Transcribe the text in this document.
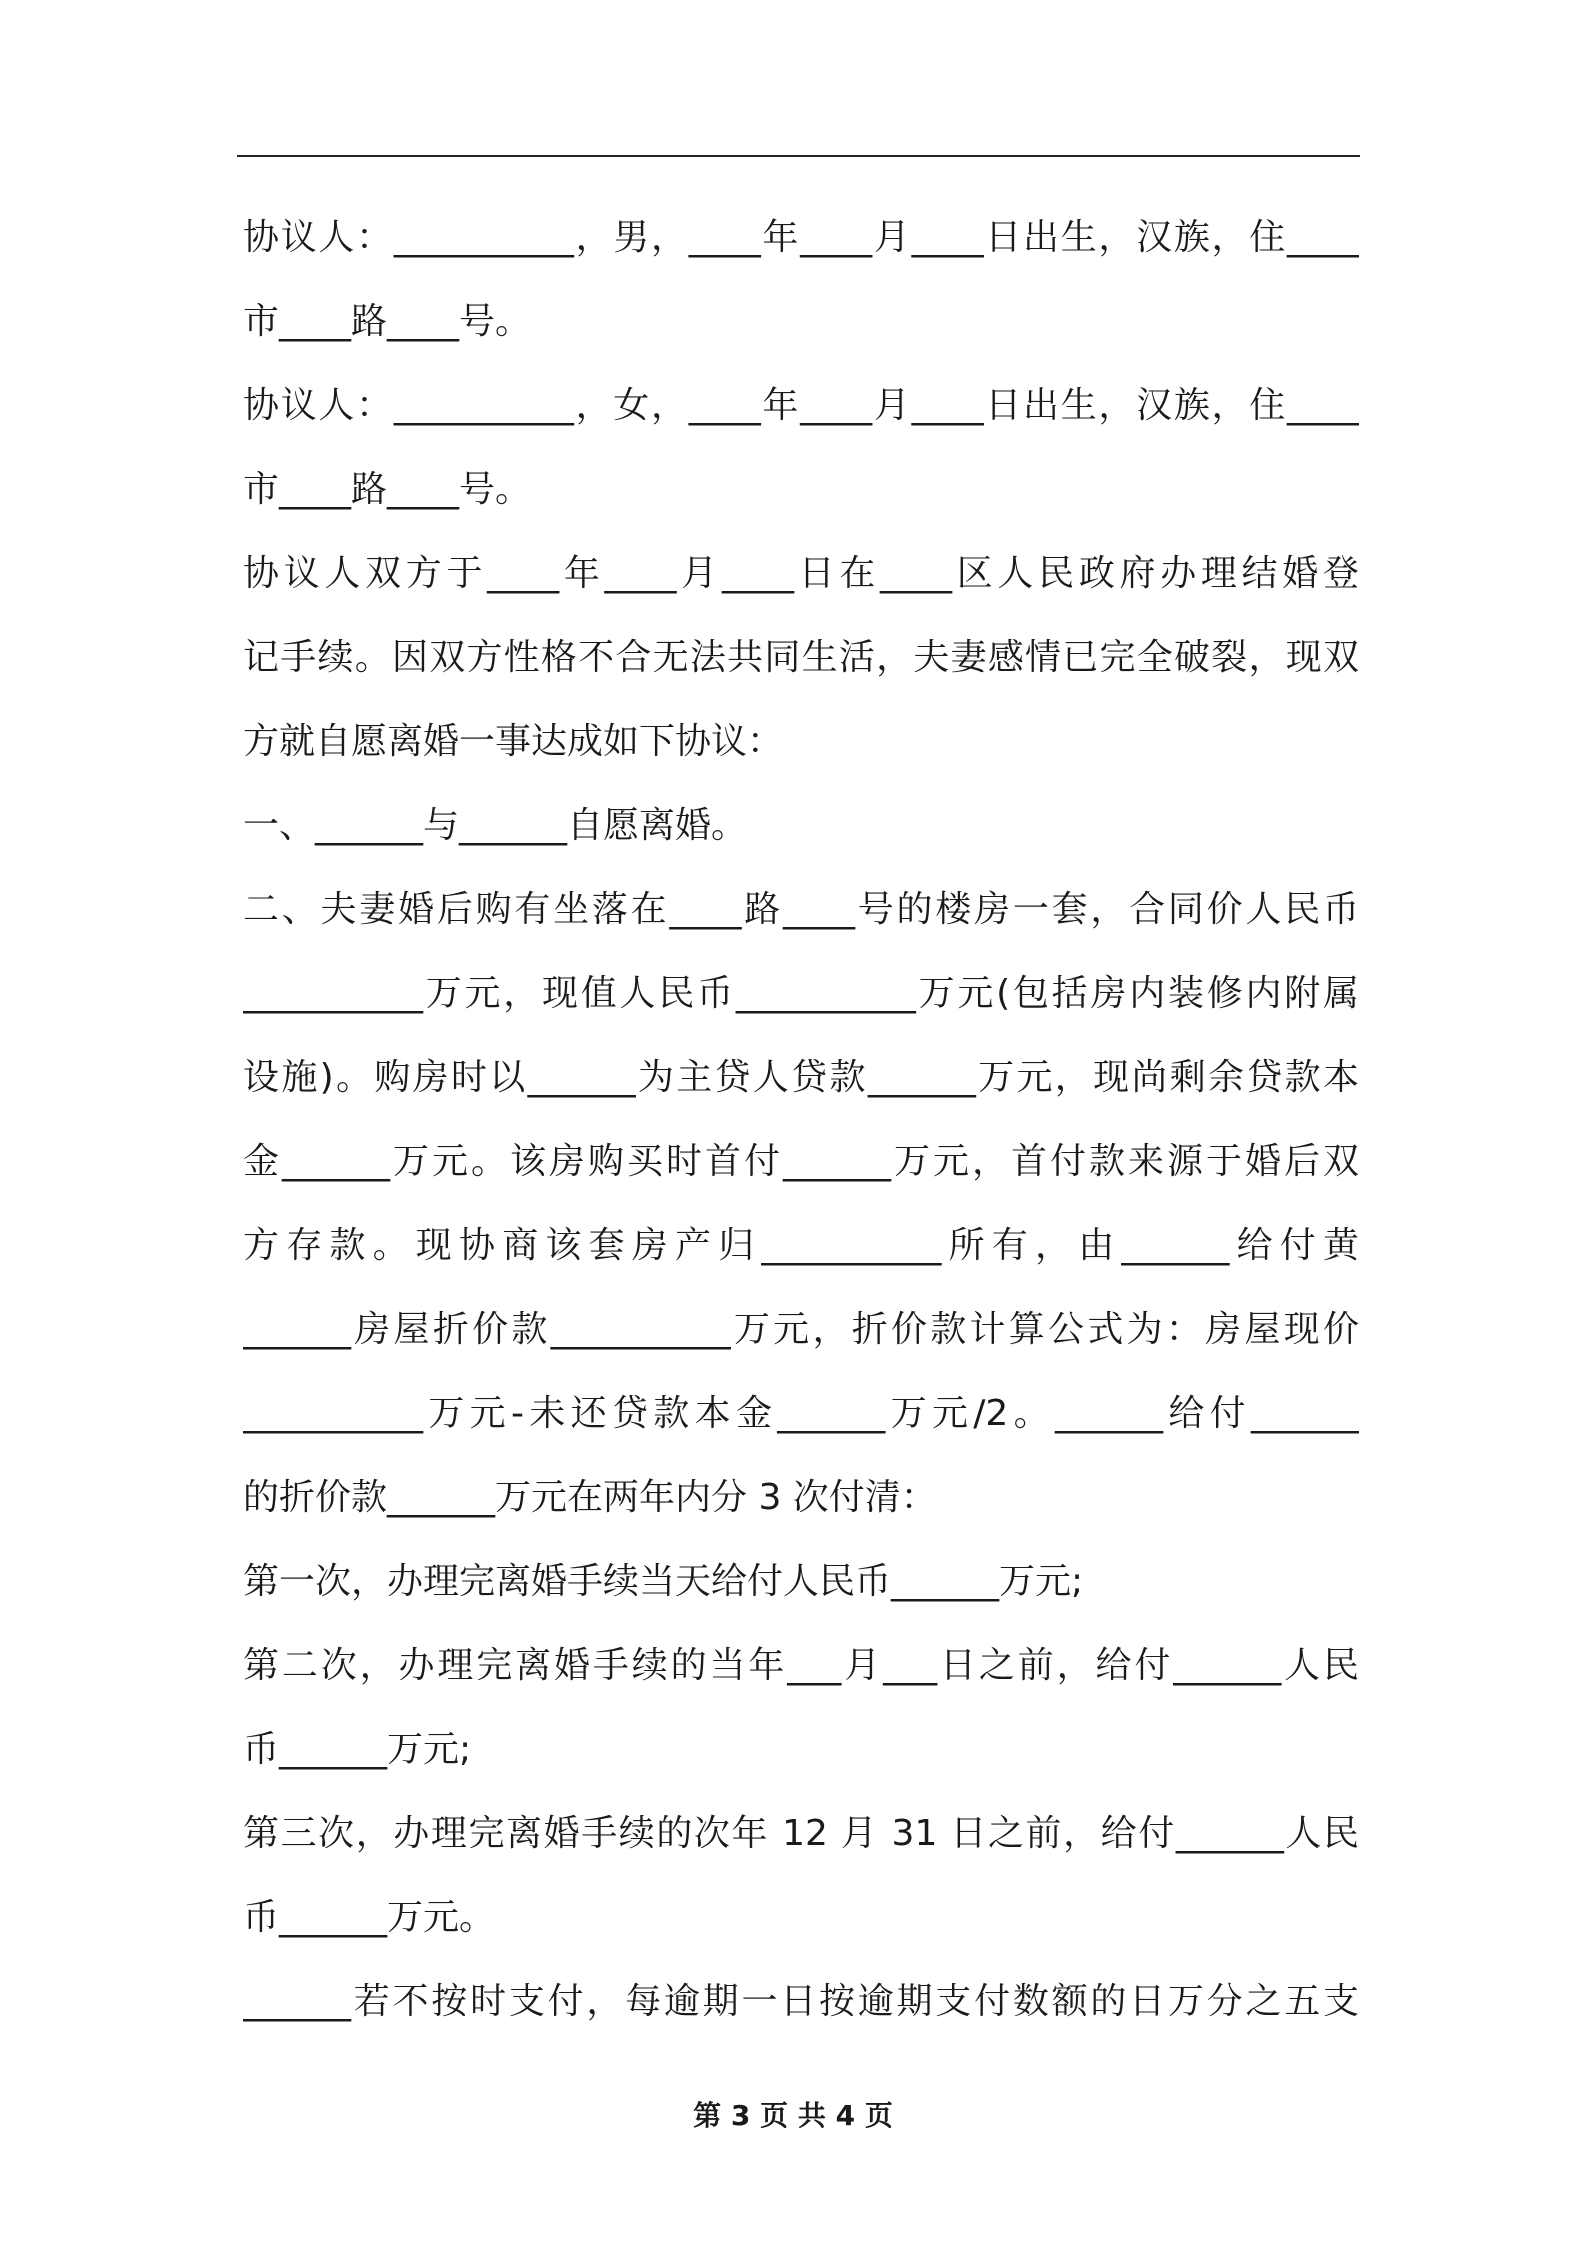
协议人：__________，男，____年____月____日出生，汉族，住____
市____路____号。
协议人：__________，女，____年____月____日出生，汉族，住____
市____路____号。
协议人双方于____年____月____日在____区人民政府办理结婚登
记手续。因双方性格不合无法共同生活，夫妻感情已完全破裂，现双
方就自愿离婚一事达成如下协议：
一、______与______自愿离婚。
二、夫妻婚后购有坐落在____路____号的楼房一套，合同价人民币
__________万元，现值人民币__________万元(包括房内装修内附属
设施)。购房时以______为主贷人贷款______万元，现尚剩余贷款本
金______万元。该房购买时首付______万元，首付款来源于婚后双
方存款。现协商该套房产归__________所有，由______给付黄
______房屋折价款__________万元，折价款计算公式为：房屋现价
__________万元-未还贷款本金______万元/2。______给付______
的折价款______万元在两年内分 3 次付清：
第一次，办理完离婚手续当天给付人民币______万元;
第二次，办理完离婚手续的当年___月___日之前，给付______人民
币______万元;
第三次，办理完离婚手续的次年 12 月 31 日之前，给付______人民
币______万元。
______若不按时支付，每逾期一日按逾期支付数额的日万分之五支
第 3 页 共 4 页
